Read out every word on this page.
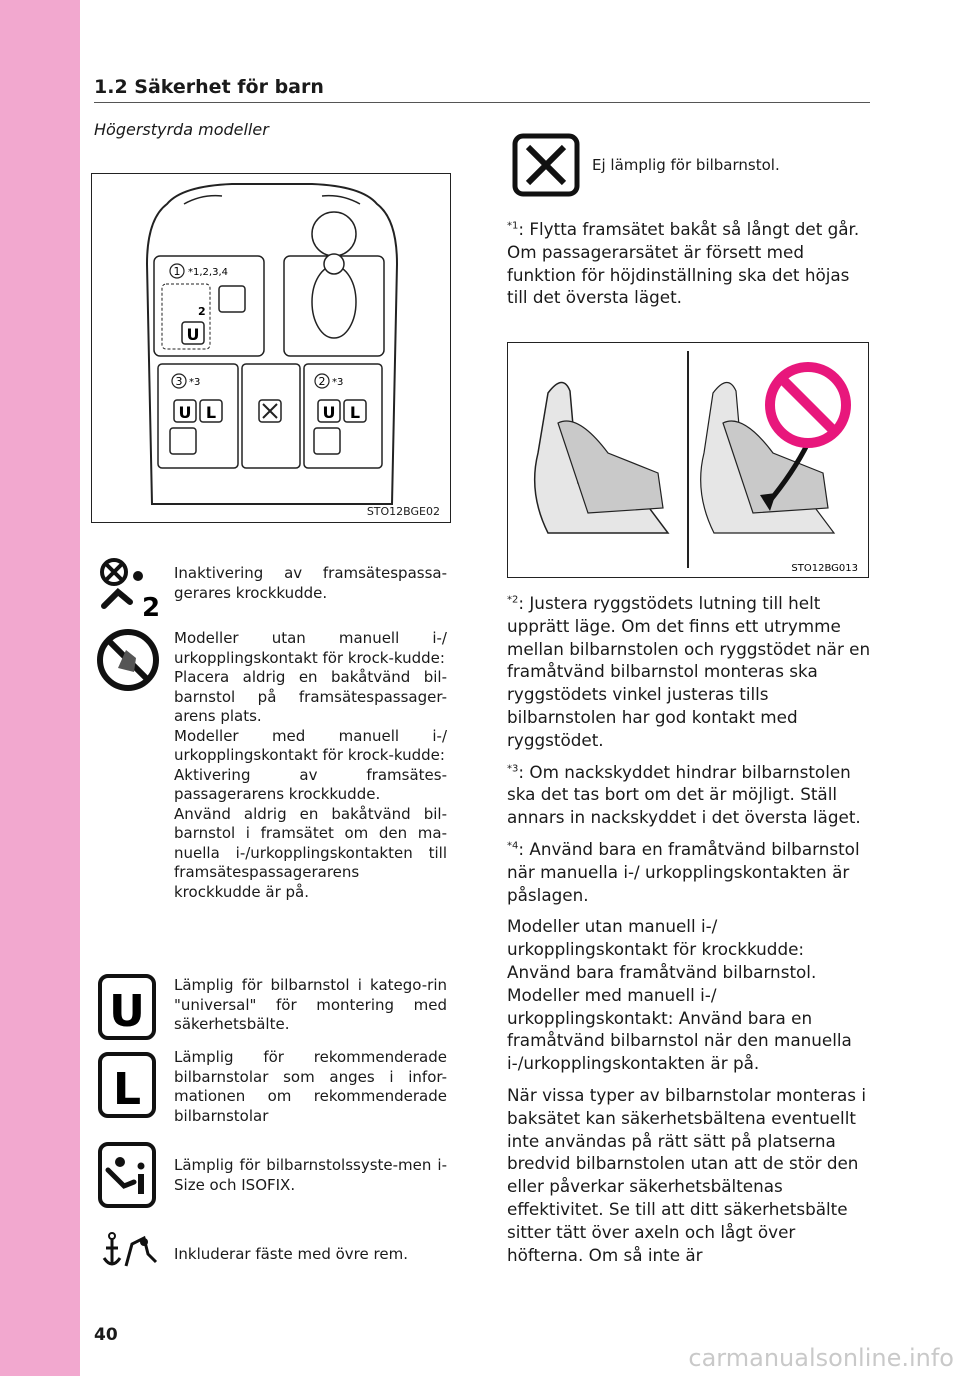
1.2 Säkerhet för barn
Högerstyrda modeller
1 *1,2,3,4
2 *3
3 *3
U
2
U L	U L
STO12BGE02
2
U
L
Inaktivering av framsätespassa-gerares krockkudde.

Modeller utan manuell i-/ urkopplingskontakt för krock-kudde:

Placera aldrig en bakåtvänd bil-barnstol på framsätespassager-arens plats.

Modeller med manuell i-/ urkopplingskontakt för krock-kudde:

Aktivering av framsätes-passagerarens krockkudde.

Använd aldrig en bakåtvänd bil-barnstol i framsätet om den ma-nuella i-/urkopplingskontakten till framsätespassagerarens krockkudde är på.

Lämplig för bilbarnstol i katego-rin "universal" för montering med säkerhetsbälte.
Lämplig för rekommenderade bilbarnstolar som anges i infor-mationen om rekommenderade bilbarnstolar
Lämplig för bilbarnstolssyste-men i-Size och ISOFIX.
Inkluderar fäste med övre rem.
Ej lämplig för bilbarnstol.

$^{*1}$: Flytta framsätet bakåt så långt det går. Om passagerarsätet är försett med funktion för höjdinställning ska det höjas till det översta läget.

STO12BG013

$^{*2}$: Justera ryggstödets lutning till helt upprätt läge. Om det finns ett utrymme mellan bilbarnstolen och ryggstödet när en framåtvänd bilbarnstol monteras ska ryggstödets vinkel justeras tills bilbarnstolen har god kontakt med ryggstödet.

$^{*3}$: Om nackskyddet hindrar bilbarnstolen ska det tas bort om det är möjligt. Ställ annars in nackskyddet i det översta läget.

$^{*4}$: Använd bara en framåtvänd bilbarnstol när manuella i-/ urkopplingskontakten är påslagen.

Modeller utan manuell i-/ urkopplingskontakt för krockkudde: Använd bara framåtvänd bilbarnstol. Modeller med manuell i-/ urkopplingskontakt: Använd bara en framåtvänd bilbarnstol när den manuella i-/urkopplingskontakten är på.

När vissa typer av bilbarnstolar monteras i baksätet kan säkerhetsbältena eventuellt inte användas på rätt sätt på platserna bredvid bilbarnstolen utan att de stör den eller påverkar säkerhetsbältenas effektivitet. Se till att ditt säkerhetsbälte sitter tätt över axeln och lågt över höfterna. Om så inte är

40
carmanualsonline.info
